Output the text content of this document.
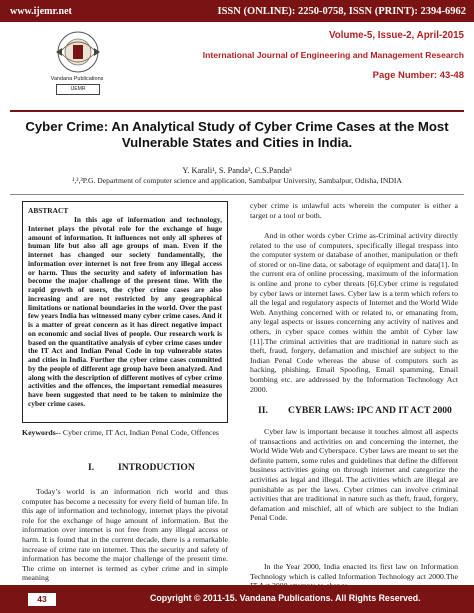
www.ijemr.net	ISSN (ONLINE): 2250-0758, ISSN (PRINT): 2394-6962
Vandana Publications
IJEMR
Volume-5, Issue-2, April-2015
International Journal of Engineering and Management Research
Page Number: 43-48
Cyber Crime: An Analytical Study of Cyber Crime Cases at the Most Vulnerable States and Cities in India.
Y. Karali¹, S. Panda², C.S.Panda³
¹,²,³P.G. Department of computer science and application, Sambalpur University, Sambalpur, Odisha, INDIA
ABSTRACT
In this age of information and technology, Internet plays the pivotal role for the exchange of huge amount of information. It influences not only all spheres of human life but also all age groups of man. Even if the internet has changed our society fundamentally, the information over internet is not free from any illegal access or harm. Thus the security and safety of information has become the major challenge of the present time. With the rapid growth of users, the cyber crime cases are also increasing and are not restricted by any geographical limitations or national boundaries in the world. Over the past few years India has witnessed many cyber crime cases. And it is a matter of great concern as it has direct negative impact on economic and social lives of people. Our research work is based on the quantitative analysis of cyber crime cases under the IT Act and Indian Penal Code in top vulnerable states and cities in India. Further the cyber crime cases committed by the people of different age group have been analyzed. And along with the description of different motives of cyber crime activities and the offences, the important remedial measures have been suggested that need to be taken to minimize the cyber crime cases.
Keywords-- Cyber crime, IT Act, Indian Penal Code, Offences
I. INTRODUCTION
Today’s world is an information rich world and thus computer has become a necessity for every field of human life. In this age of information and technology, internet plays the pivotal role for the exchange of huge amount of information. But the information over internet is not free from any illegal access or harm. It is found that in the current decade, there is a remarkable increase of crime rate on internet. Thus the security and safety of information has become the major challenge of the present time. The crime on internet is termed as cyber crime and in simple meaning
cyber crime is unlawful acts wherein the computer is either a target or a tool or both.
And in other words cyber Crime as-Criminal activity directly related to the use of computers, specifically illegal trespass into the computer system or database of another, manipulation or theft of stored or on-line data, or sabotage of equipment and data[1]. In the current era of online processing, maximum of the information is online and prone to cyber threats [6].Cyber crime is regulated by cyber laws or internet laws. Cyber law is a term which refers to all the legal and regulatory aspects of Internet and the World Wide Web. Anything concerned with or related to, or emanating from, any legal aspects or issues concerning any activity of natives and others, in cyber space comes within the ambit of Cyber law [11].The criminal activities that are traditional in nature such as theft, fraud, forgery, defamation and mischief are subject to the Indian Penal Code whereas the abuse of computers such as hacking, phishing, Email Spoofing, Email spamming, Email bombing etc. are addressed by the Information Technology Act 2000.
II. CYBER LAWS: IPC AND IT ACT 2000
Cyber law is important because it touches almost all aspects of transactions and activities on and concerning the internet, the World Wide Web and Cyberspace. Cyber laws are meant to set the definite pattern, some rules and guidelines that define the different business activities going on through internet and categorize the activities as legal and illegal. The activities which are illegal are punishable as per the laws. Cyber crimes can involve criminal activities that are traditional in nature such as theft, fraud, forgery, defamation and mischief, all of which are subject to the Indian Penal Code.
In the Year 2000, India enacted its first law on Information Technology which is called Information Technology act 2000.The
43	Copyright © 2011-15. Vandana Publications. All Rights Reserved.
